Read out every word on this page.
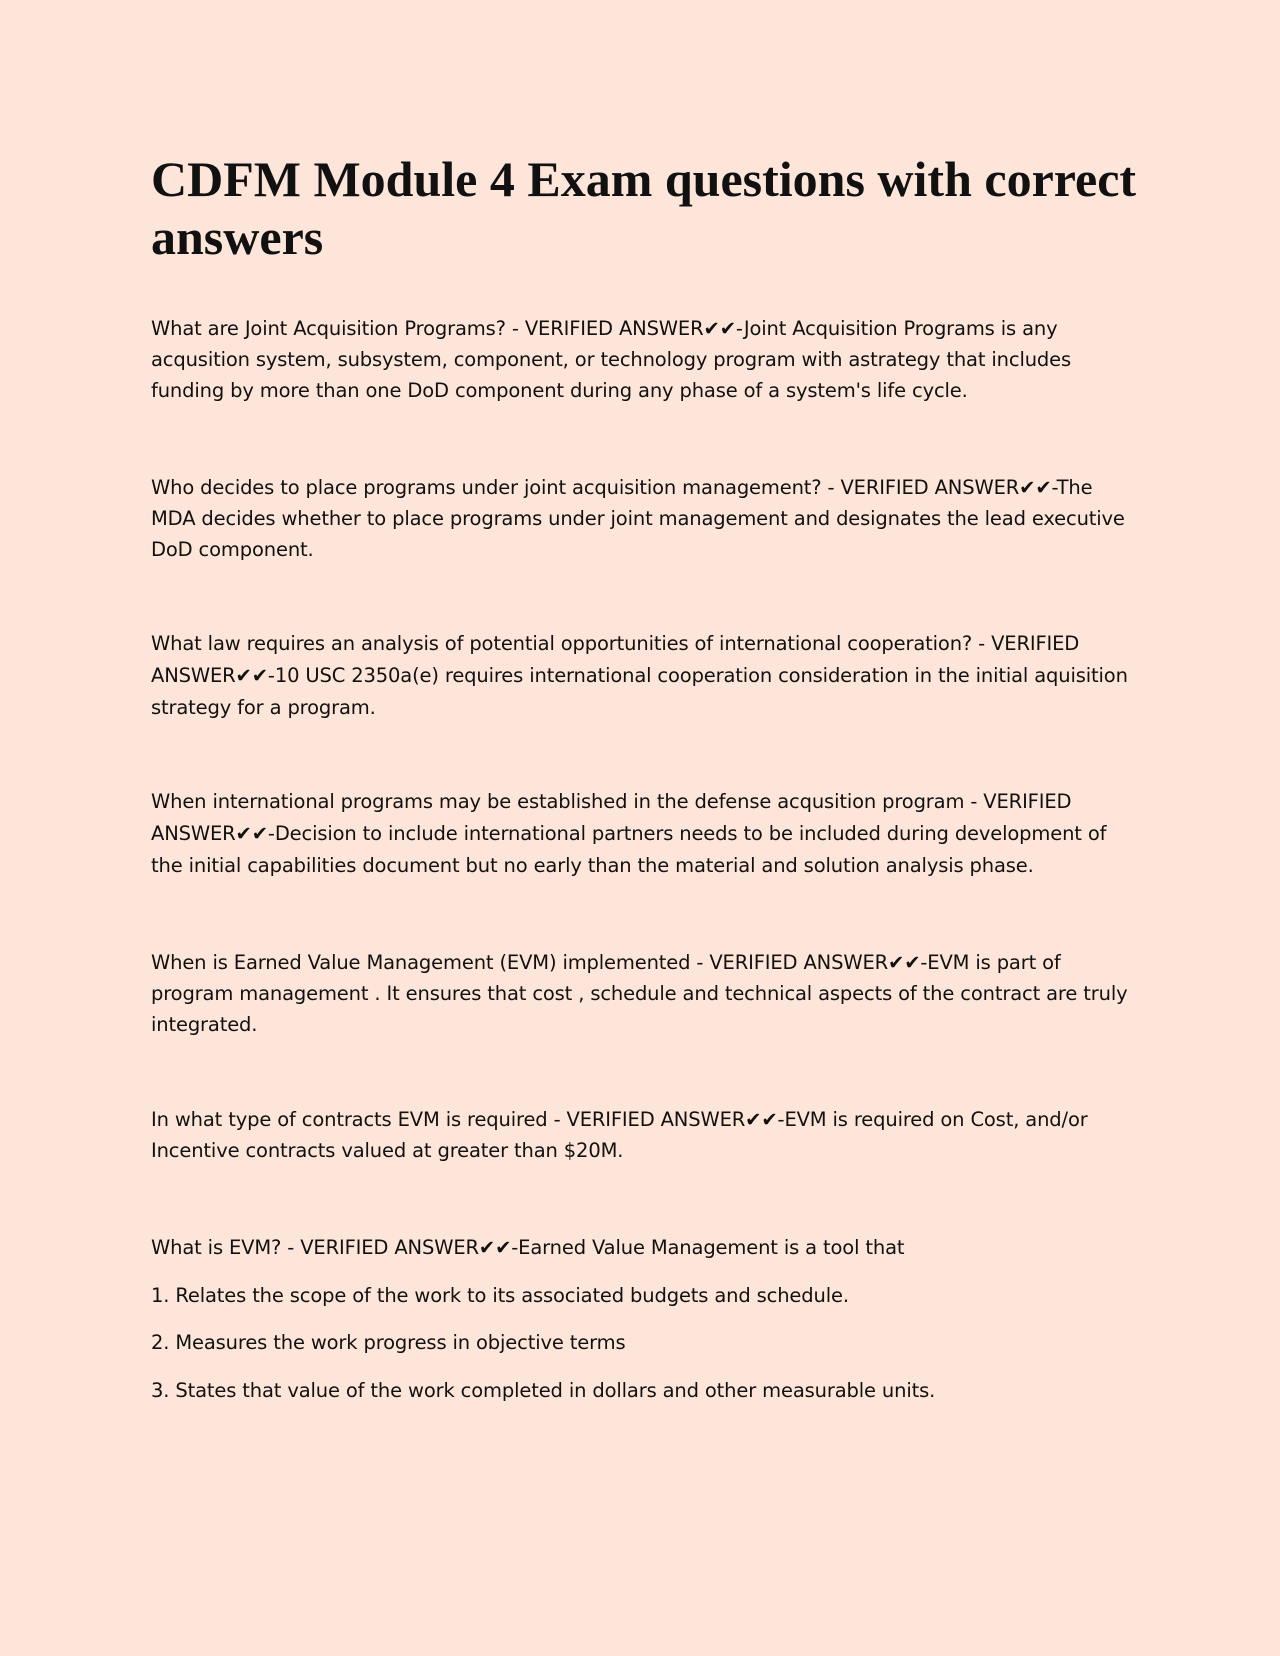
CDFM Module 4 Exam questions with correct answers

What are Joint Acquisition Programs? - VERIFIED ANSWER✔✔-Joint Acquisition Programs is any acqusition system, subsystem, component, or technology program with astrategy that includes funding by more than one DoD component during any phase of a system's life cycle.

Who decides to place programs under joint acquisition management? - VERIFIED ANSWER✔✔-The MDA decides whether to place programs under joint management and designates the lead executive DoD component.

What law requires an analysis of potential opportunities of international cooperation? - VERIFIED ANSWER✔✔-10 USC 2350a(e) requires international cooperation consideration in the initial aquisition strategy for a program.

When international programs may be established in the defense acqusition program - VERIFIED ANSWER✔✔-Decision to include international partners needs to be included during development of the initial capabilities document but no early than the material and solution analysis phase.

When is Earned Value Management (EVM) implemented - VERIFIED ANSWER✔✔-EVM is part of program management . It ensures that cost , schedule and technical aspects of the contract are truly integrated.

In what type of contracts EVM is required - VERIFIED ANSWER✔✔-EVM is required on Cost, and/or Incentive contracts valued at greater than $20M.

What is EVM? - VERIFIED ANSWER✔✔-Earned Value Management is a tool that

1. Relates the scope of the work to its associated budgets and schedule.

2. Measures the work progress in objective terms

3. States that value of the work completed in dollars and other measurable units.
